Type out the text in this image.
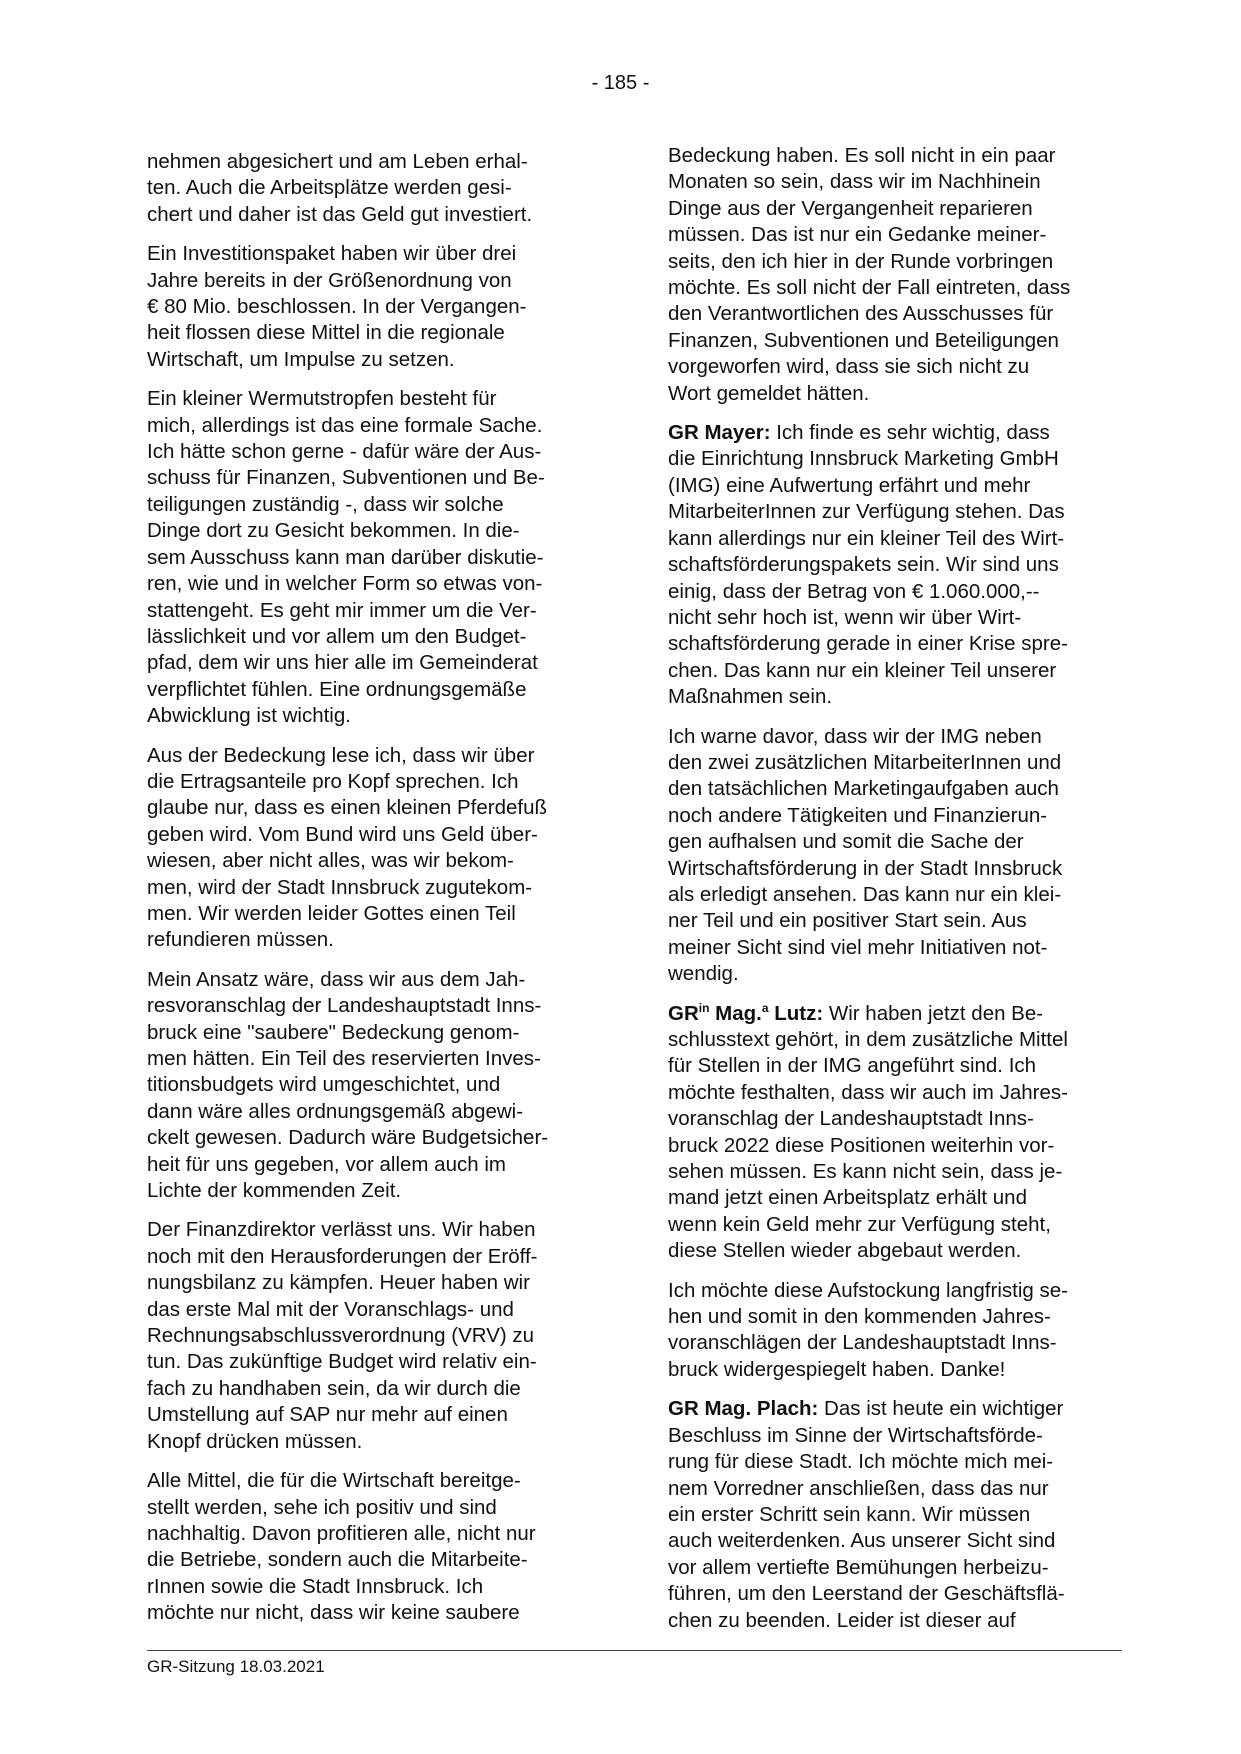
- 185 -

nehmen abgesichert und am Leben erhal-
ten. Auch die Arbeitsplätze werden gesi-
chert und daher ist das Geld gut investiert.

Ein Investitionspaket haben wir über drei
Jahre bereits in der Größenordnung von
€ 80 Mio. beschlossen. In der Vergangen-
heit flossen diese Mittel in die regionale
Wirtschaft, um Impulse zu setzen.

Ein kleiner Wermutstropfen besteht für
mich, allerdings ist das eine formale Sache.
Ich hätte schon gerne - dafür wäre der Aus-
schuss für Finanzen, Subventionen und Be-
teiligungen zuständig -, dass wir solche
Dinge dort zu Gesicht bekommen. In die-
sem Ausschuss kann man darüber diskutie-
ren, wie und in welcher Form so etwas von-
stattengeht. Es geht mir immer um die Ver-
lässlichkeit und vor allem um den Budget-
pfad, dem wir uns hier alle im Gemeinderat
verpflichtet fühlen. Eine ordnungsgemäße
Abwicklung ist wichtig.

Aus der Bedeckung lese ich, dass wir über
die Ertragsanteile pro Kopf sprechen. Ich
glaube nur, dass es einen kleinen Pferdefuß
geben wird. Vom Bund wird uns Geld über-
wiesen, aber nicht alles, was wir bekom-
men, wird der Stadt Innsbruck zugutekom-
men. Wir werden leider Gottes einen Teil
refundieren müssen.

Mein Ansatz wäre, dass wir aus dem Jah-
resvoranschlag der Landeshauptstadt Inns-
bruck eine "saubere" Bedeckung genom-
men hätten. Ein Teil des reservierten Inves-
titionsbudgets wird umgeschichtet, und
dann wäre alles ordnungsgemäß abgewi-
ckelt gewesen. Dadurch wäre Budgetsicher-
heit für uns gegeben, vor allem auch im
Lichte der kommenden Zeit.

Der Finanzdirektor verlässt uns. Wir haben
noch mit den Herausforderungen der Eröff-
nungsbilanz zu kämpfen. Heuer haben wir
das erste Mal mit der Voranschlags- und
Rechnungsabschlussverordnung (VRV) zu
tun. Das zukünftige Budget wird relativ ein-
fach zu handhaben sein, da wir durch die
Umstellung auf SAP nur mehr auf einen
Knopf drücken müssen.

Alle Mittel, die für die Wirtschaft bereitge-
stellt werden, sehe ich positiv und sind
nachhaltig. Davon profitieren alle, nicht nur
die Betriebe, sondern auch die Mitarbeite-
rInnen sowie die Stadt Innsbruck. Ich
möchte nur nicht, dass wir keine saubere

Bedeckung haben. Es soll nicht in ein paar
Monaten so sein, dass wir im Nachhinein
Dinge aus der Vergangenheit reparieren
müssen. Das ist nur ein Gedanke meiner-
seits, den ich hier in der Runde vorbringen
möchte. Es soll nicht der Fall eintreten, dass
den Verantwortlichen des Ausschusses für
Finanzen, Subventionen und Beteiligungen
vorgeworfen wird, dass sie sich nicht zu
Wort gemeldet hätten.

GR Mayer: Ich finde es sehr wichtig, dass
die Einrichtung Innsbruck Marketing GmbH
(IMG) eine Aufwertung erfährt und mehr
MitarbeiterInnen zur Verfügung stehen. Das
kann allerdings nur ein kleiner Teil des Wirt-
schaftsförderungspakets sein. Wir sind uns
einig, dass der Betrag von € 1.060.000,--
nicht sehr hoch ist, wenn wir über Wirt-
schaftsförderung gerade in einer Krise spre-
chen. Das kann nur ein kleiner Teil unserer
Maßnahmen sein.

Ich warne davor, dass wir der IMG neben
den zwei zusätzlichen MitarbeiterInnen und
den tatsächlichen Marketingaufgaben auch
noch andere Tätigkeiten und Finanzierun-
gen aufhalsen und somit die Sache der
Wirtschaftsförderung in der Stadt Innsbruck
als erledigt ansehen. Das kann nur ein klei-
ner Teil und ein positiver Start sein. Aus
meiner Sicht sind viel mehr Initiativen not-
wendig.

$GR^{in}$ Mag.$^a$ Lutz: Wir haben jetzt den Be-
schlusstext gehört, in dem zusätzliche Mittel
für Stellen in der IMG angeführt sind. Ich
möchte festhalten, dass wir auch im Jahres-
voranschlag der Landeshauptstadt Inns-
bruck 2022 diese Positionen weiterhin vor-
sehen müssen. Es kann nicht sein, dass je-
mand jetzt einen Arbeitsplatz erhält und
wenn kein Geld mehr zur Verfügung steht,
diese Stellen wieder abgebaut werden.

Ich möchte diese Aufstockung langfristig se-
hen und somit in den kommenden Jahres-
voranschlägen der Landeshauptstadt Inns-
bruck widergespiegelt haben. Danke!

GR Mag. Plach: Das ist heute ein wichtiger
Beschluss im Sinne der Wirtschaftsförde-
rung für diese Stadt. Ich möchte mich mei-
nem Vorredner anschließen, dass das nur
ein erster Schritt sein kann. Wir müssen
auch weiterdenken. Aus unserer Sicht sind
vor allem vertiefte Bemühungen herbeizu-
führen, um den Leerstand der Geschäftsflä-
chen zu beenden. Leider ist dieser auf

GR-Sitzung 18.03.2021
